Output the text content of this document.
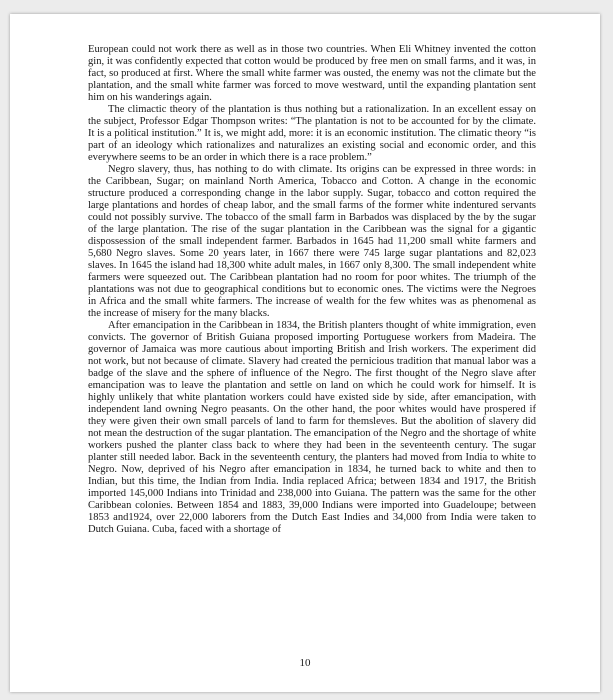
European could not work there as well as in those two countries. When Eli Whitney invented the cotton gin, it was confidently expected that cotton would be produced by free men on small farms, and it was, in fact, so produced at first. Where the small white farmer was ousted, the enemy was not the climate but the plantation, and the small white farmer was forced to move westward, until the expanding plantation sent him on his wanderings again.

The climactic theory of the plantation is thus nothing but a rationalization. In an excellent essay on the subject, Professor Edgar Thompson writes: “The plantation is not to be accounted for by the climate. It is a political institution.” It is, we might add, more: it is an economic institution. The climatic theory “is part of an ideology which rationalizes and naturalizes an existing social and economic order, and this everywhere seems to be an order in which there is a race problem.”

Negro slavery, thus, has nothing to do with climate. Its origins can be expressed in three words: in the Caribbean, Sugar; on mainland North America, Tobacco and Cotton. A change in the economic structure produced a corresponding change in the labor supply. Sugar, tobacco and cotton required the large plantations and hordes of cheap labor, and the small farms of the former white indentured servants could not possibly survive. The tobacco of the small farm in Barbados was displaced by the by the sugar of the large plantation. The rise of the sugar plantation in the Caribbean was the signal for a gigantic dispossession of the small independent farmer. Barbados in 1645 had 11,200 small white farmers and 5,680 Negro slaves. Some 20 years later, in 1667 there were 745 large sugar plantations and 82,023 slaves. In 1645 the island had 18,300 white adult males, in 1667 only 8,300. The small independent white farmers were squeezed out. The Caribbean plantation had no room for poor whites. The triumph of the plantations was not due to geographical conditions but to economic ones. The victims were the Negroes in Africa and the small white farmers. The increase of wealth for the few whites was as phenomenal as the increase of misery for the many blacks.

After emancipation in the Caribbean in 1834, the British planters thought of white immigration, even convicts. The governor of British Guiana proposed importing Portuguese workers from Madeira. The governor of Jamaica was more cautious about importing British and Irish workers. The experiment did not work, but not because of climate. Slavery had created the pernicious tradition that manual labor was a badge of the slave and the sphere of influence of the Negro. The first thought of the Negro slave after emancipation was to leave the plantation and settle on land on which he could work for himself. It is highly unlikely that white plantation workers could have existed side by side, after emancipation, with independent land owning Negro peasants. On the other hand, the poor whites would have prospered if they were given their own small parcels of land to farm for themsleves. But the abolition of slavery did not mean the destruction of the sugar plantation. The emancipation of the Negro and the shortage of white workers pushed the planter class back to where they had been in the seventeenth century. The sugar planter still needed labor. Back in the seventeenth century, the planters had moved from India to white to Negro. Now, deprived of his Negro after emancipation in 1834, he turned back to white and then to Indian, but this time, the Indian from India. India replaced Africa; between 1834 and 1917, the British imported 145,000 Indians into Trinidad and 238,000 into Guiana. The pattern was the same for the other Caribbean colonies. Between 1854 and 1883, 39,000 Indians were imported into Guadeloupe; between 1853 and1924, over 22,000 laborers from the Dutch East Indies and 34,000 from India were taken to Dutch Guiana. Cuba, faced with a shortage of

10
